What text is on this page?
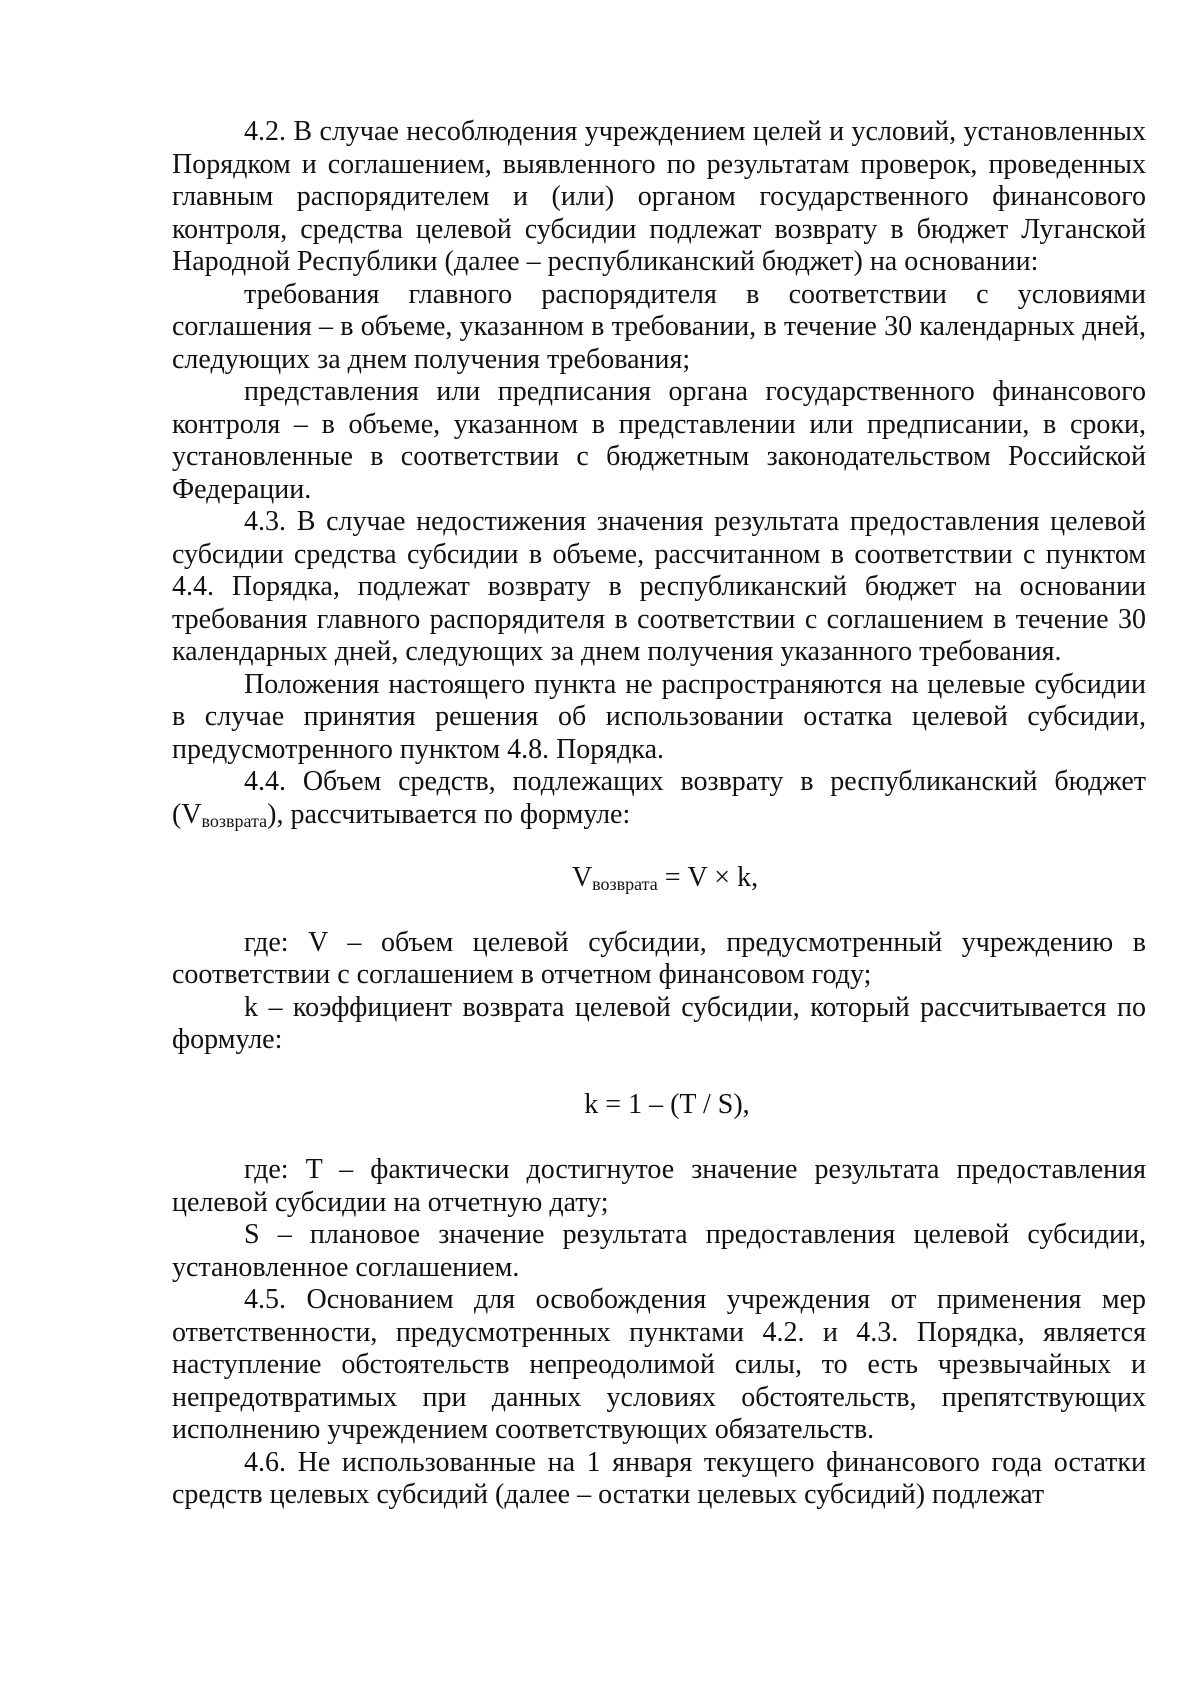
4.2. В случае несоблюдения учреждением целей и условий, установленных Порядком и соглашением, выявленного по результатам проверок, проведенных главным распорядителем и (или) органом государственного финансового контроля, средства целевой субсидии подлежат возврату в бюджет Луганской Народной Республики (далее – республиканский бюджет) на основании:

требования главного распорядителя в соответствии с условиями соглашения – в объеме, указанном в требовании, в течение 30 календарных дней, следующих за днем получения требования;

представления или предписания органа государственного финансового контроля – в объеме, указанном в представлении или предписании, в сроки, установленные в соответствии с бюджетным законодательством Российской Федерации.

4.3. В случае недостижения значения результата предоставления целевой субсидии средства субсидии в объеме, рассчитанном в соответствии с пунктом 4.4. Порядка, подлежат возврату в республиканский бюджет на основании требования главного распорядителя в соответствии с соглашением в течение 30 календарных дней, следующих за днем получения указанного требования.

Положения настоящего пункта не распространяются на целевые субсидии в случае принятия решения об использовании остатка целевой субсидии, предусмотренного пунктом 4.8. Порядка.

4.4. Объем средств, подлежащих возврату в республиканский бюджет $(V_{возврата})$, рассчитывается по формуле:

$V_{возврата} = V \times k$,

где: V – объем целевой субсидии, предусмотренный учреждению в соответствии с соглашением в отчетном финансовом году;

k – коэффициент возврата целевой субсидии, который рассчитывается по формуле:

k = 1 – (T / S),

где: T – фактически достигнутое значение результата предоставления целевой субсидии на отчетную дату;

S – плановое значение результата предоставления целевой субсидии, установленное соглашением.

4.5. Основанием для освобождения учреждения от применения мер ответственности, предусмотренных пунктами 4.2. и 4.3. Порядка, является наступление обстоятельств непреодолимой силы, то есть чрезвычайных и непредотвратимых при данных условиях обстоятельств, препятствующих исполнению учреждением соответствующих обязательств.

4.6. Не использованные на 1 января текущего финансового года остатки средств целевых субсидий (далее – остатки целевых субсидий) подлежат
